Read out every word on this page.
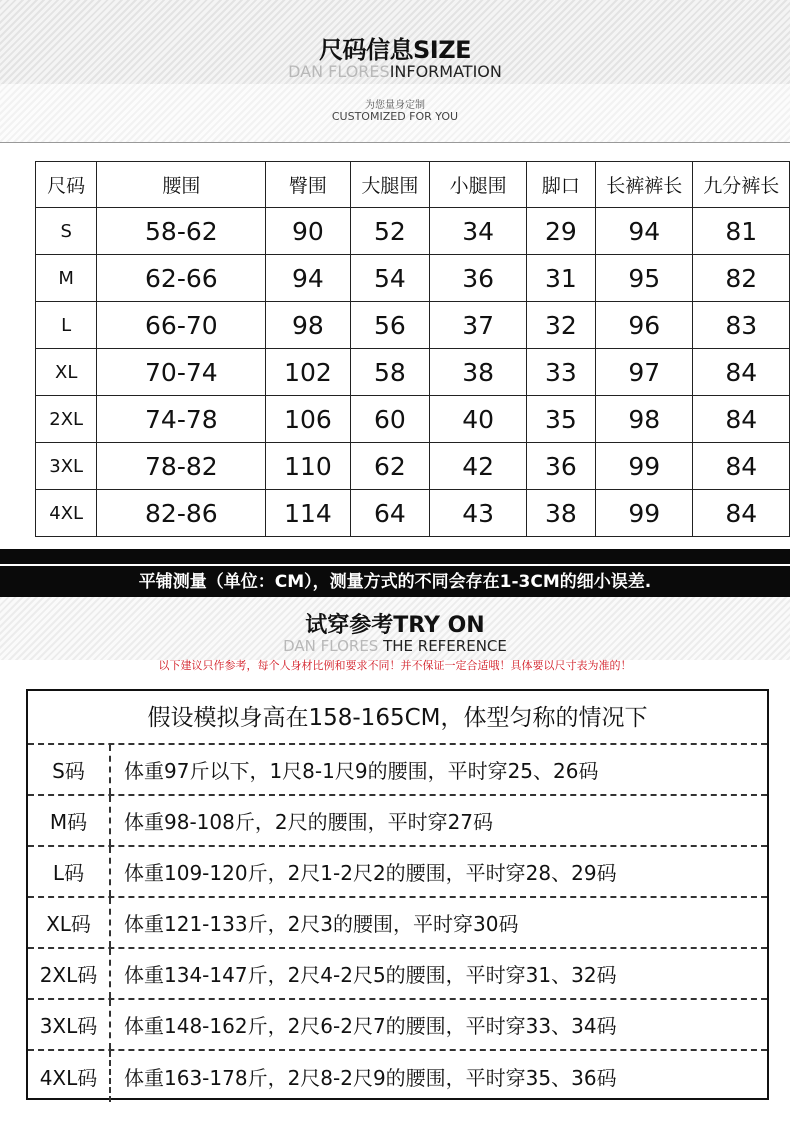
尺码信息SIZE
DAN FLORESINFORMATION
为您量身定制
CUSTOMIZED FOR YOU
尺码	腰围	臀围	大腿围	小腿围	脚口	长裤裤长	九分裤长
S	58-62	90	52	34	29	94	81
M	62-66	94	54	36	31	95	82
L	66-70	98	56	37	32	96	83
XL	70-74	102	58	38	33	97	84
2XL	74-78	106	60	40	35	98	84
3XL	78-82	110	62	42	36	99	84
4XL	82-86	114	64	43	38	99	84
平铺测量（单位：CM），测量方式的不同会存在1-3CM的细小误差.
试穿参考TRY ON
DAN FLORES THE REFERENCE
以下建议只作参考，每个人身材比例和要求不同！并不保证一定合适哦！具体要以尺寸表为准的！
假设模拟身高在158-165CM，体型匀称的情况下
S码	体重97斤以下，1尺8-1尺9的腰围，平时穿25、26码
M码	体重98-108斤，2尺的腰围，平时穿27码
L码	体重109-120斤，2尺1-2尺2的腰围，平时穿28、29码
XL码	体重121-133斤，2尺3的腰围，平时穿30码
2XL码	体重134-147斤，2尺4-2尺5的腰围，平时穿31、32码
3XL码	体重148-162斤，2尺6-2尺7的腰围，平时穿33、34码
4XL码	体重163-178斤，2尺8-2尺9的腰围，平时穿35、36码
